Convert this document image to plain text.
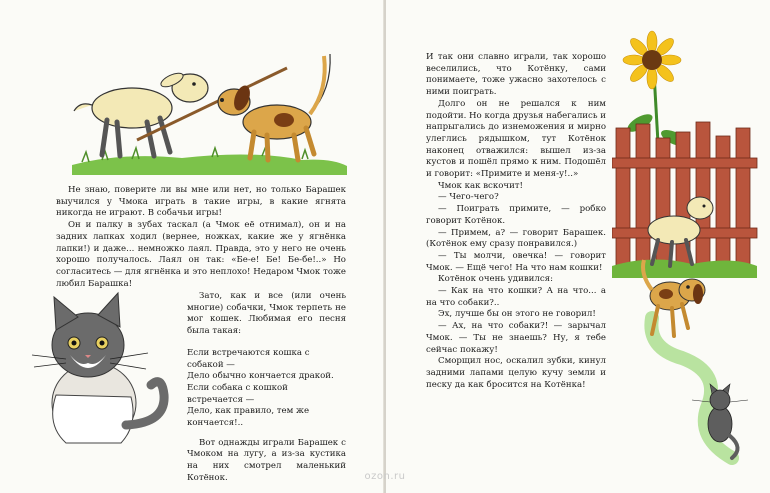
Не знаю, поверите ли вы мне или нет, но только Барашек выучился у Чмока играть в такие игры, в какие ягнята никогда не играют. В собачьи игры!

Он и палку в зубах таскал (а Чмок её отнимал), он и на задних лапках ходил (вернее, ножках, какие же у ягнёнка лапки!) и даже... немножко лаял. Правда, это у него не очень хорошо получалось. Лаял он так: «Бе-е! Бе! Бе-бе!..» Но согласитесь — для ягнёнка и это неплохо! Недаром Чмок тоже любил Барашка!

Зато, как и все (или очень многие) собачки, Чмок терпеть не мог кошек. Любимая его песня была такая:

Если встречаются кошка с собакой —

Дело обычно кончается дракой.

Если собака с кошкой встречается —

Дело, как правило, тем же кончается!..

Вот однажды играли Барашек с Чмоком на лугу, а из-за кустика на них смотрел маленький Котёнок.

И так они славно играли, так хорошо веселились, что Котёнку, сами понимаете, тоже ужасно захотелось с ними поиграть.

Долго он не решался к ним подойти. Но когда друзья набегались и напрыгались до изнеможения и мирно улеглись рядышком, тут Котёнок наконец отважился: вышел из-за кустов и пошёл прямо к ним. Подошёл и говорит: «Примите и меня-у!..»

Чмок как вскочит!

— Чего-чего?

— Поиграть примите, — робко говорит Котёнок.

— Примем, а? — говорит Барашек. (Котёнок ему сразу понравился.)

— Ты молчи, овечка! — говорит Чмок. — Ещё чего! На что нам кошки!

Котёнок очень удивился:

— Как на что кошки? А на что... а на что собаки?..

Эх, лучше бы он этого не говорил!

— Ах, на что собаки?! — зарычал Чмок. — Ты не знаешь? Ну, я тебе сейчас покажу!

Сморщил нос, оскалил зубки, кинул задними лапами целую кучу земли и песку да как бросится на Котёнка!

ozon.ru
